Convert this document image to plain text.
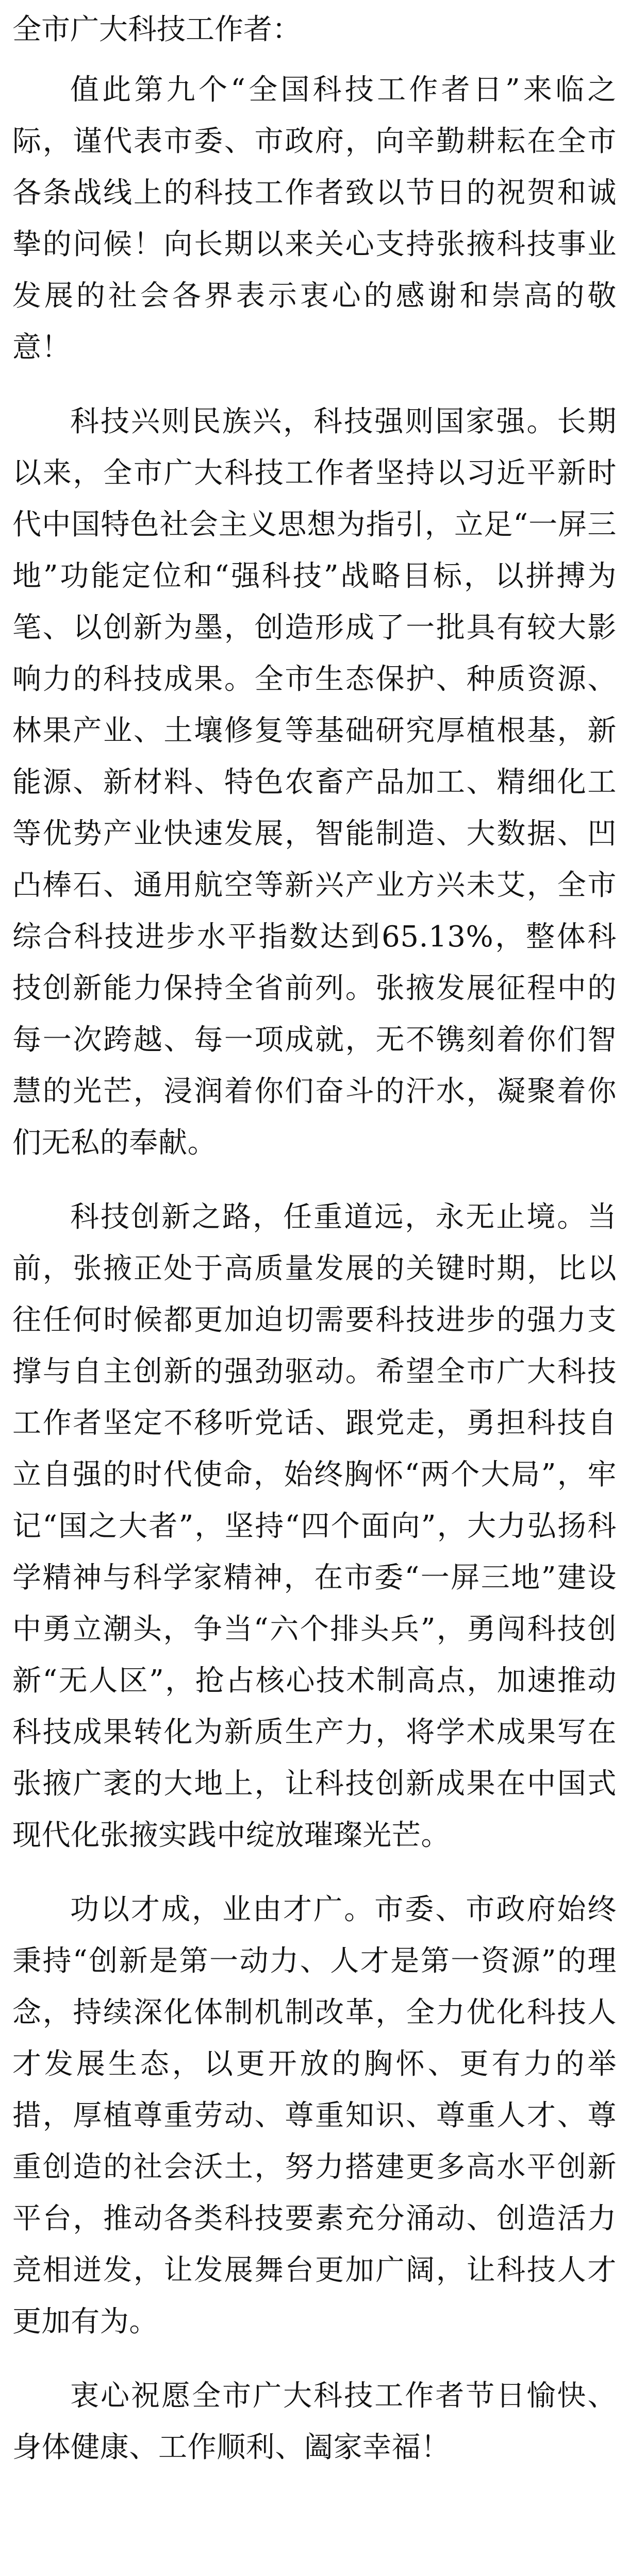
全市广大科技工作者：

值此第九个“全国科技工作者日”来临之际，谨代表市委、市政府，向辛勤耕耘在全市各条战线上的科技工作者致以节日的祝贺和诚挚的问候！向长期以来关心支持张掖科技事业发展的社会各界表示衷心的感谢和崇高的敬意！

科技兴则民族兴，科技强则国家强。长期以来，全市广大科技工作者坚持以习近平新时代中国特色社会主义思想为指引，立足“一屏三地”功能定位和“强科技”战略目标，以拼搏为笔、以创新为墨，创造形成了一批具有较大影响力的科技成果。全市生态保护、种质资源、林果产业、土壤修复等基础研究厚植根基，新能源、新材料、特色农畜产品加工、精细化工等优势产业快速发展，智能制造、大数据、凹凸棒石、通用航空等新兴产业方兴未艾，全市综合科技进步水平指数达到65.13%，整体科技创新能力保持全省前列。张掖发展征程中的每一次跨越、每一项成就，无不镌刻着你们智慧的光芒，浸润着你们奋斗的汗水，凝聚着你们无私的奉献。

科技创新之路，任重道远，永无止境。当前，张掖正处于高质量发展的关键时期，比以往任何时候都更加迫切需要科技进步的强力支撑与自主创新的强劲驱动。希望全市广大科技工作者坚定不移听党话、跟党走，勇担科技自立自强的时代使命，始终胸怀“两个大局”，牢记“国之大者”，坚持“四个面向”，大力弘扬科学精神与科学家精神，在市委“一屏三地”建设中勇立潮头，争当“六个排头兵”，勇闯科技创新“无人区”，抢占核心技术制高点，加速推动科技成果转化为新质生产力，将学术成果写在张掖广袤的大地上，让科技创新成果在中国式现代化张掖实践中绽放璀璨光芒。

功以才成，业由才广。市委、市政府始终秉持“创新是第一动力、人才是第一资源”的理念，持续深化体制机制改革，全力优化科技人才发展生态，以更开放的胸怀、更有力的举措，厚植尊重劳动、尊重知识、尊重人才、尊重创造的社会沃土，努力搭建更多高水平创新平台，推动各类科技要素充分涌动、创造活力竞相迸发，让发展舞台更加广阔，让科技人才更加有为。

衷心祝愿全市广大科技工作者节日愉快、身体健康、工作顺利、阖家幸福！
